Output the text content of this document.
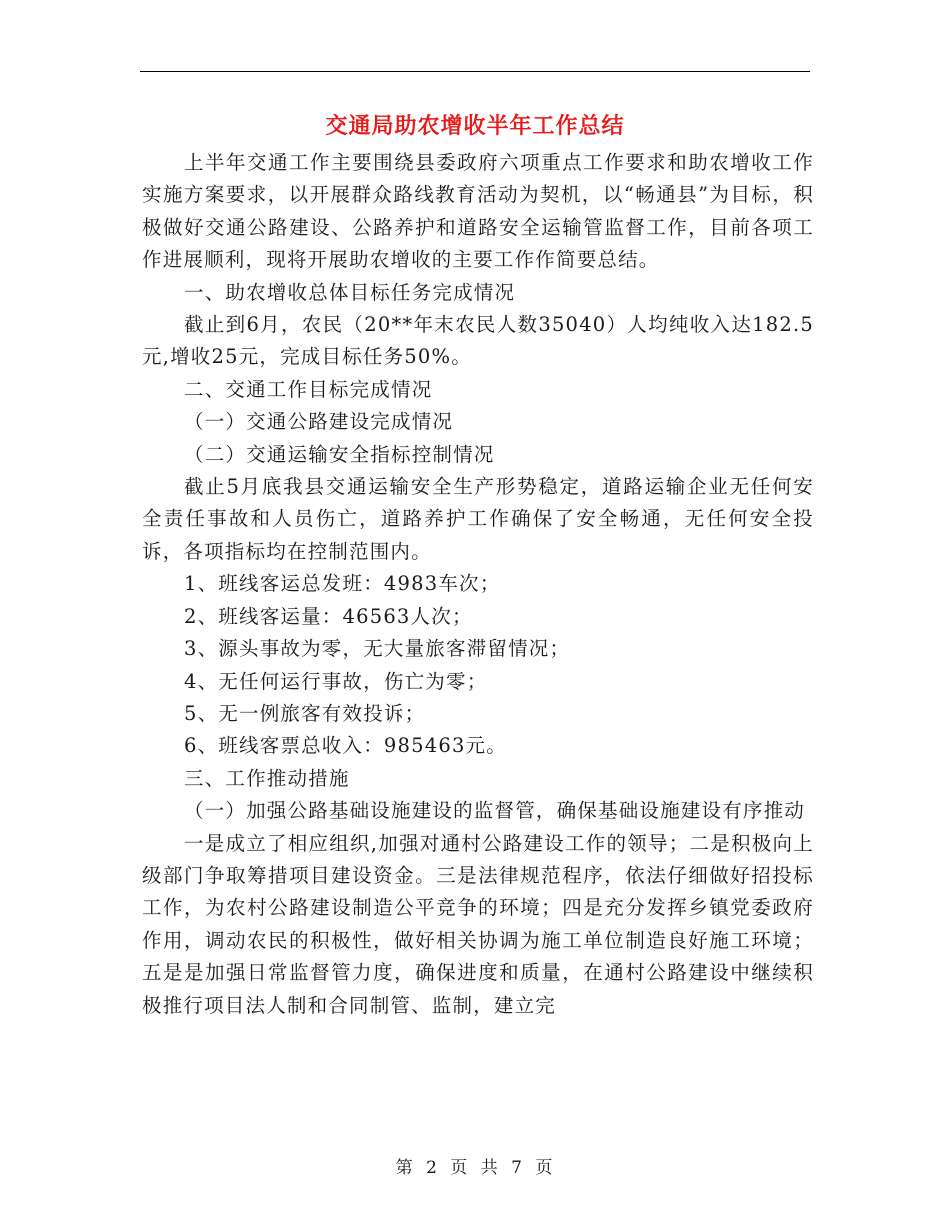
交通局助农增收半年工作总结

上半年交通工作主要围绕县委政府六项重点工作要求和助农增收工作实施方案要求，以开展群众路线教育活动为契机，以“畅通县”为目标，积极做好交通公路建设、公路养护和道路安全运输管监督工作，目前各项工作进展顺利，现将开展助农增收的主要工作作简要总结。

一、助农增收总体目标任务完成情况

截止到6月，农民（20**年末农民人数35040）人均纯收入达182.5元,增收25元，完成目标任务50%。

二、交通工作目标完成情况

（一）交通公路建设完成情况

（二）交通运输安全指标控制情况

截止5月底我县交通运输安全生产形势稳定，道路运输企业无任何安全责任事故和人员伤亡，道路养护工作确保了安全畅通，无任何安全投诉，各项指标均在控制范围内。

1、班线客运总发班：4983车次；

2、班线客运量：46563人次；

3、源头事故为零，无大量旅客滞留情况；

4、无任何运行事故，伤亡为零；

5、无一例旅客有效投诉；

6、班线客票总收入：985463元。

三、工作推动措施

（一）加强公路基础设施建设的监督管，确保基础设施建设有序推动

一是成立了相应组织,加强对通村公路建设工作的领导；二是积极向上级部门争取筹措项目建设资金。三是法律规范程序，依法仔细做好招投标工作，为农村公路建设制造公平竞争的环境；四是充分发挥乡镇党委政府作用，调动农民的积极性，做好相关协调为施工单位制造良好施工环境；五是是加强日常监督管力度，确保进度和质量，在通村公路建设中继续积极推行项目法人制和合同制管、监制，建立完

第 2 页 共 7 页
